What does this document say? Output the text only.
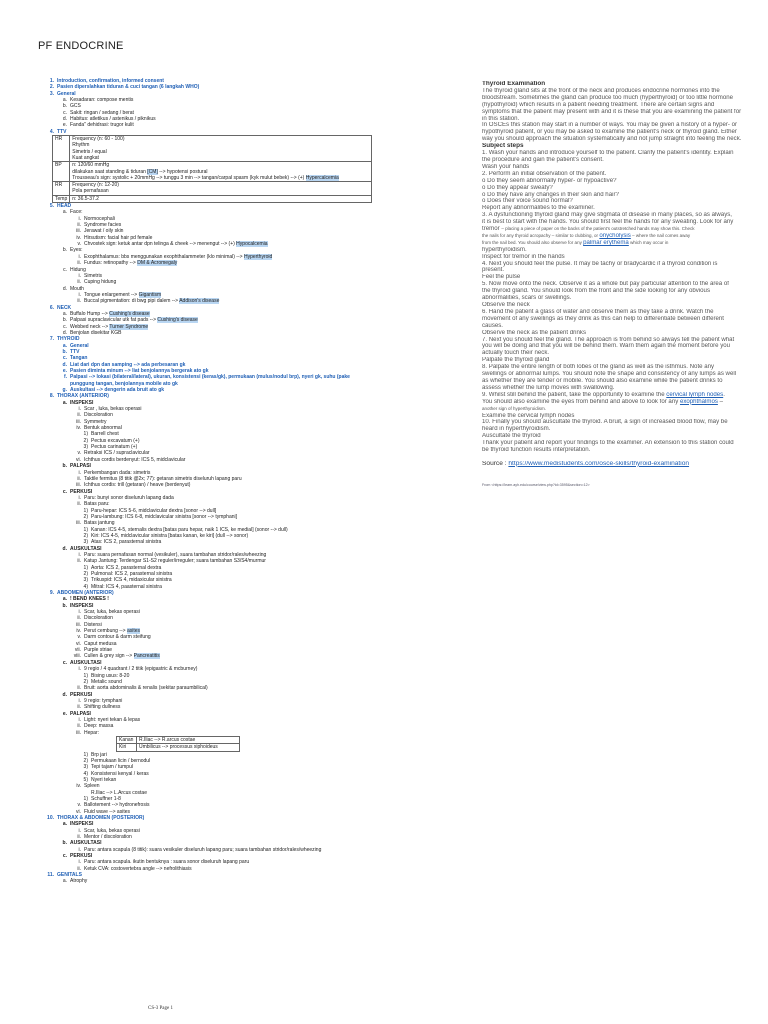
PF ENDOCRINE
1. Introduction, confirmation, informed consent
2. Pasien diperslahkan tiduran & cuci tangan (6 langkah WHO)
3. General
a. Kesadaran: compose mentis
b. GCS
c. Sakit: ringan / sedang / berat
d. Habitus: atletikus / astenikus / piknikus
e. Fanda" dehidrasi: trugor kulit
4. TTV
HR	Frequency (n: 60 - 100)
Rhythm
Simetris / equal
Kuat angkat

BP	n: 120/60 mmHg
dilakukan saat standing & tiduran [CM] --> hypotensi postural
Trousseau's sign: systolic + 20mmHg --> tunggu 3 min --> tangan/carpal spasm (kyk mulut bebek) --> (+) Hypercalcemia

RR	Frequency (n: 12-20)
Pola pernafasan

Temp	n: 36.5-37.2
5. HEAD
a. Face:
i. Normocephali
ii. Syndrome facies
iii. Jerawat / oily skin
iv. Hirsutism: facial hair pd female
v. Chvostek sign: ketuk antar dpn telinga & cheek --> menengut --> (+) Hypocalcemia
b. Eyes:
i. Exophthalamus: bbs menggunakan exophthalammeter (klo minimal) --> Hyperthyroid
ii. Fundus: retinopathy --> DM & Acromegaly
c. Hidung
i. Simetris
ii. Cuping hidung
d. Mouth
i. Tongue enlargement --> Gigantism
ii. Buccal pigmentation: di bwg pipi dalem --> Addison's disease
6. NECK
a. Buffalo Hump --> Cushing's disease
b. Palpasi supraclavicular utk fat pads --> Cushing's disease
c. Webbed neck --> Turner Syndrome
d. Benjolan disekitar KGB
7. THYROID
a. General
b. TTV
c. Tangan
d. Liat dari dpn dan samping --> ada perbesaran gk
e. Pasien diminta minum --> liat benjolannya bergerak ato gk
f. Palpasi --> lokasi (bilateral/lateral), ukuran, konsistensi (keras/gk), permukaan (mulus/nodul brp), nyeri gk, suhu (pake
punggung tangan, benjolannya mobile ato gk
g. Auskultasi --> dengerin ada bruit ato gk
8. THORAX (ANTERIOR)
a. INSPEKSI
i. Scar , luka, bekas operasi
ii. Discoloration
iii. Symmetry
iv. Bentuk abnormal
1) Barrell chest
2) Pectus excavatum (+)
3) Pectus carinatum (+)
v. Retraksi ICS / supraclavicular
vi. Ichthus cordis berdenyut: ICS 5, midclavicular
b. PALPASI
i. Perkembangan dada: simetris
ii. Taktile fermitus (8 titik @2x; 77): getaran simetris diseluruh lapang paru
iii. Ichthus cordis: trill (getaran) / heave (berdenyut)
c. PERKUSI
i. Paru: bunyi sonor diseluruh lapang dada
ii. Batas paru:
1) Paru-hepar: ICS 5-6, midclavicular dextra [sonor --> dull]
2) Paru-lambung: ICS 6-8, midclavicular sinistra [sonor --> tymphani]
iii. Batas jantung
1) Kanan: ICS 4-5, sternalis dextra [batas paru hepar, naik 1 ICS, ke medial] (sonor --> dull)
2) Kiri: ICS 4-5, midclavicular sinistra [batas kanan, ke kiri] (dull --> sonor)
3) Atas: ICS 2, parasternal sinistra
d. AUSKULTASI
i. Paru: suara pernafasan normal (vesikuler), suara tambahan stridor/rales/wheezing
ii. Katup Jantung: Terdengar S1-S2 reguler/irreguler; suara tambahan S3/S4/murmur
1) Aorta: ICS 2, parasternal dextra
2) Pulmonal: ICS 2, parasternal sinistra
3) Trikuspid: ICS 4, midaxicular sinistra
4) Mitral: ICS 4, paasternal sinistra
9. ABDOMEN (ANTERIOR)
a. ! BEND KNEES !
b. INSPEKSI
i. Scar, luka, bekas operasi
ii. Discoloration
iii. Distensi
iv. Perut cembung --> asites
v. Darm contour & darm steifung
vi. Caput medusa
vii. Purple striae
viii. Cullen & grey sign --> Pancreatitis
c. AUSKULTASI
i. 9 regio / 4 quadrant / 2 titik (epigastric & mcburney)
1) Bising usus: 8-20
2) Metalic sound
ii. Bruit: aorta abdominalis & renalis (sekitar paraumbilical)
d. PERKUSI
i. 9 regio: tymphani
ii. Shifting dullness
e. PALPASI
i. Light: nyeri tekan & lepas
ii. Deep: massa
iii. Hepar:
Kanan	R.Iliac --> R.arcus costae
Kiri	Umbilicus --> processus xiphoideus
1) Brp jari
2) Permukaan licin / bernodul
3) Tepi tajam / tumpul
4) Konsistensi kenyal / keras
5) Nyeri tekan
iv. Spleen
R.Iliac --> L.Arcus costae
1) Schuffner 1-8
v. Ballotement --> hydronefrosis
vi. Fluid wave --> asites
10. THORAX & ABDOMEN (POSTERIOR)
a. INSPEKSI
i. Scar, luka, bekas operasi
ii. Mentor / discoloration
b. AUSKULTASI
i. Paru: antara scapula (8 titik): suara vesikuler diseluruh lapang paru; suara tambahan stridor/rales/wheezing
c. PERKUSI
i. Paru: antara scapula. ikutin bentuknya : suara sonor diseluruh lapang paru
ii. Ketuk CVA: costovertebra angle --> nefrolithiasis
11. GENITALS
a. Atrophy
Thyroid Examination
The thyroid gland sits at the front of the neck and produces endocrine hormones into the
bloodstream. Sometimes the gland can produce too much (hyperthyroid) or too little hormone
(hypothyroid) which results in a patient needing treatment. There are certain signs and
symptoms that the patient may present with and it is these that you are examining the patient for
in this station.
In OSCEs this station may start in a number of ways. You may be given a history of a hyper- or
hypothyroid patient, or you may be asked to examine the patient's neck or thyroid gland. Either
way you should approach the situation systematically and not jump straight into feeling the neck.
Subject steps
1. Wash your hands and introduce yourself to the patient. Clarify the patient's identity. Explain
the procedure and gain the patient's consent.
Wash your hands
2. Perform an initial observation of the patient.
o Do they seem abnormally hyper- or hypoactive?
o Do they appear sweaty?
o Do they have any changes in their skin and hair?
o Does their voice sound normal?
Report any abnormalities to the examiner.
3. A dysfunctioning thyroid gland may give stigmata of disease in many places, so as always,
it is best to start with the hands. You should first feel the hands for any sweating. Look for any
tremor – placing a piece of paper on the backs of the patient's outstretched hands may show this. Check
the nails for any thyroid acropachy – similar to clubbing, or onycholysis – where the nail comes away
from the nail bed. You should also observe for any palmar erythema which may occur in
hyperthyroidism.
Inspect for tremor in the hands
4. Next you should feel the pulse. It may be tachy or bradycardic if a thyroid condition is
present.
Feel the pulse
5. Now move onto the neck. Observe it as a whole but pay particular attention to the area of
the thyroid gland. You should look from the front and the side looking for any obvious
abnormalities, scars or swellings.
Observe the neck
6. Hand the patient a glass of water and observe them as they take a drink. Watch the
movement of any swellings as they drink as this can help to differentiate between different
causes.
Observe the neck as the patient drinks
7. Next you should feel the gland. The approach is from behind so always tell the patient what
you will be doing and that you will be behind them. Warn them again the moment before you
actually touch their neck.
Palpate the thyroid gland
8. Palpate the entire length of both lobes of the gland as well as the isthmus. Note any
swellings or abnormal lumps. You should note the shape and consistency of any lumps as well
as whether they are tender or mobile. You should also examine while the patient drinks to
assess whether the lump moves with swallowing.
9. Whilst still behind the patient, take the opportunity to examine the cervical lymph nodes.
You should also examine the eyes from behind and above to look for any exophthalmos –
another sign of hyperthyroidism.
Examine the cervical lymph nodes
10. Finally you should auscultate the thyroid. A bruit, a sign of increased blood flow, may be
heard in hyperthyroidism.
Auscultate the thyroid
Thank your patient and report your findings to the examiner. An extension to this station could
be thyroid function results interpretation.
Source : https://www.medistudents.com/osce-skills/thyroid-examination
From <https://learn.ayh.edu/course/view.php?id=3595&section=12>
CS-3 Page 1
